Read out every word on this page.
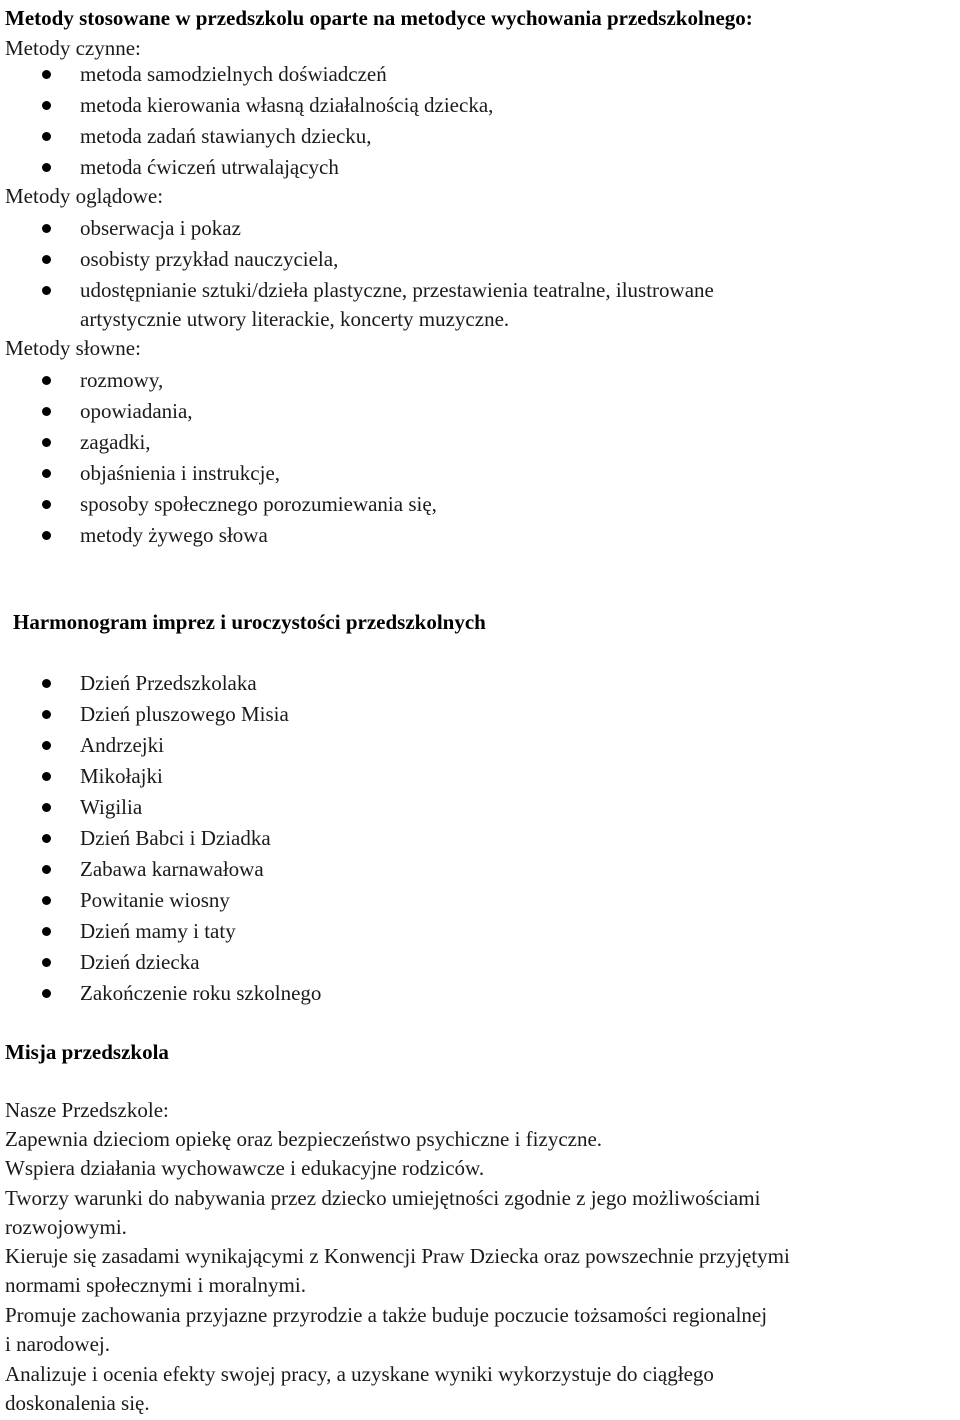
Metody stosowane w przedszkolu oparte na metodyce wychowania przedszkolnego:
Metody czynne:
metoda samodzielnych doświadczeń
metoda kierowania własną działalnością dziecka,
metoda zadań stawianych dziecku,
metoda ćwiczeń utrwalających
Metody oglądowe:
obserwacja i pokaz
osobisty przykład nauczyciela,
udostępnianie sztuki/dzieła plastyczne, przestawienia teatralne, ilustrowane
artystycznie utwory literackie, koncerty muzyczne.
Metody słowne:
rozmowy,
opowiadania,
zagadki,
objaśnienia i instrukcje,
sposoby społecznego porozumiewania się,
metody żywego słowa
Harmonogram imprez i uroczystości przedszkolnych
Dzień Przedszkolaka
Dzień pluszowego Misia
Andrzejki
Mikołajki
Wigilia
Dzień Babci i Dziadka
Zabawa karnawałowa
Powitanie wiosny
Dzień mamy i taty
Dzień dziecka
Zakończenie roku szkolnego
Misja przedszkola
Nasze Przedszkole:
Zapewnia dzieciom opiekę oraz bezpieczeństwo psychiczne i fizyczne.
Wspiera działania wychowawcze i edukacyjne rodziców.
Tworzy warunki do nabywania przez dziecko umiejętności zgodnie z jego możliwościami
rozwojowymi.
Kieruje się zasadami wynikającymi z Konwencji Praw Dziecka oraz powszechnie przyjętymi
normami społecznymi i moralnymi.
Promuje zachowania przyjazne przyrodzie a także buduje poczucie tożsamości regionalnej
i narodowej.
Analizuje i ocenia efekty swojej pracy, a uzyskane wyniki wykorzystuje do ciągłego
doskonalenia się.
